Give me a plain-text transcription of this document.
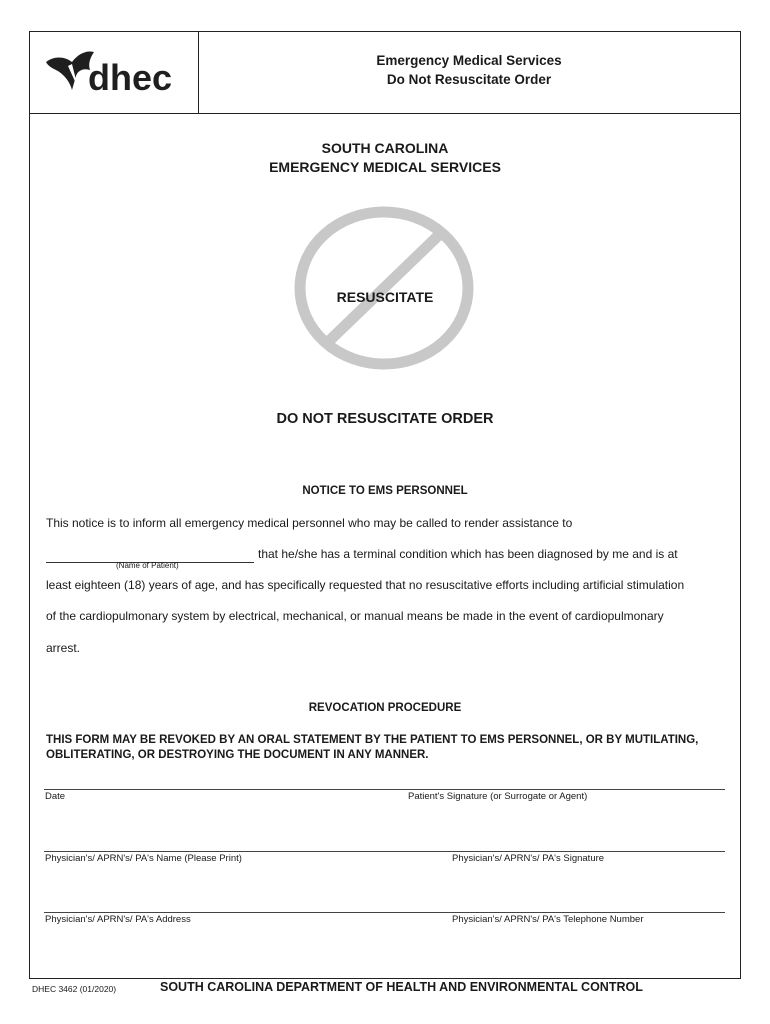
dhec	Emergency Medical Services
Do Not Resuscitate Order
SOUTH CAROLINA
EMERGENCY MEDICAL SERVICES
RESUSCITATE
DO NOT RESUSCITATE ORDER
NOTICE TO EMS PERSONNEL
This notice is to inform all emergency medical personnel who may be called to render assistance to
that he/she has a terminal condition which has been diagnosed by me and is at
(Name of Patient)
least eighteen (18) years of age, and has specifically requested that no resuscitative efforts including artificial stimulation
of the cardiopulmonary system by electrical, mechanical, or manual means be made in the event of cardiopulmonary
arrest.
REVOCATION PROCEDURE
THIS FORM MAY BE REVOKED BY AN ORAL STATEMENT BY THE PATIENT TO EMS PERSONNEL, OR BY MUTILATING, OBLITERATING, OR DESTROYING THE DOCUMENT IN ANY MANNER.
Date	Patient's Signature (or Surrogate or Agent)
Physician's/ APRN's/ PA's Name (Please Print)	Physician's/ APRN's/ PA's Signature
Physician's/ APRN's/ PA's Address	Physician's/ APRN's/ PA's Telephone Number
DHEC 3462 (01/2020)	SOUTH CAROLINA DEPARTMENT OF HEALTH AND ENVIRONMENTAL CONTROL
